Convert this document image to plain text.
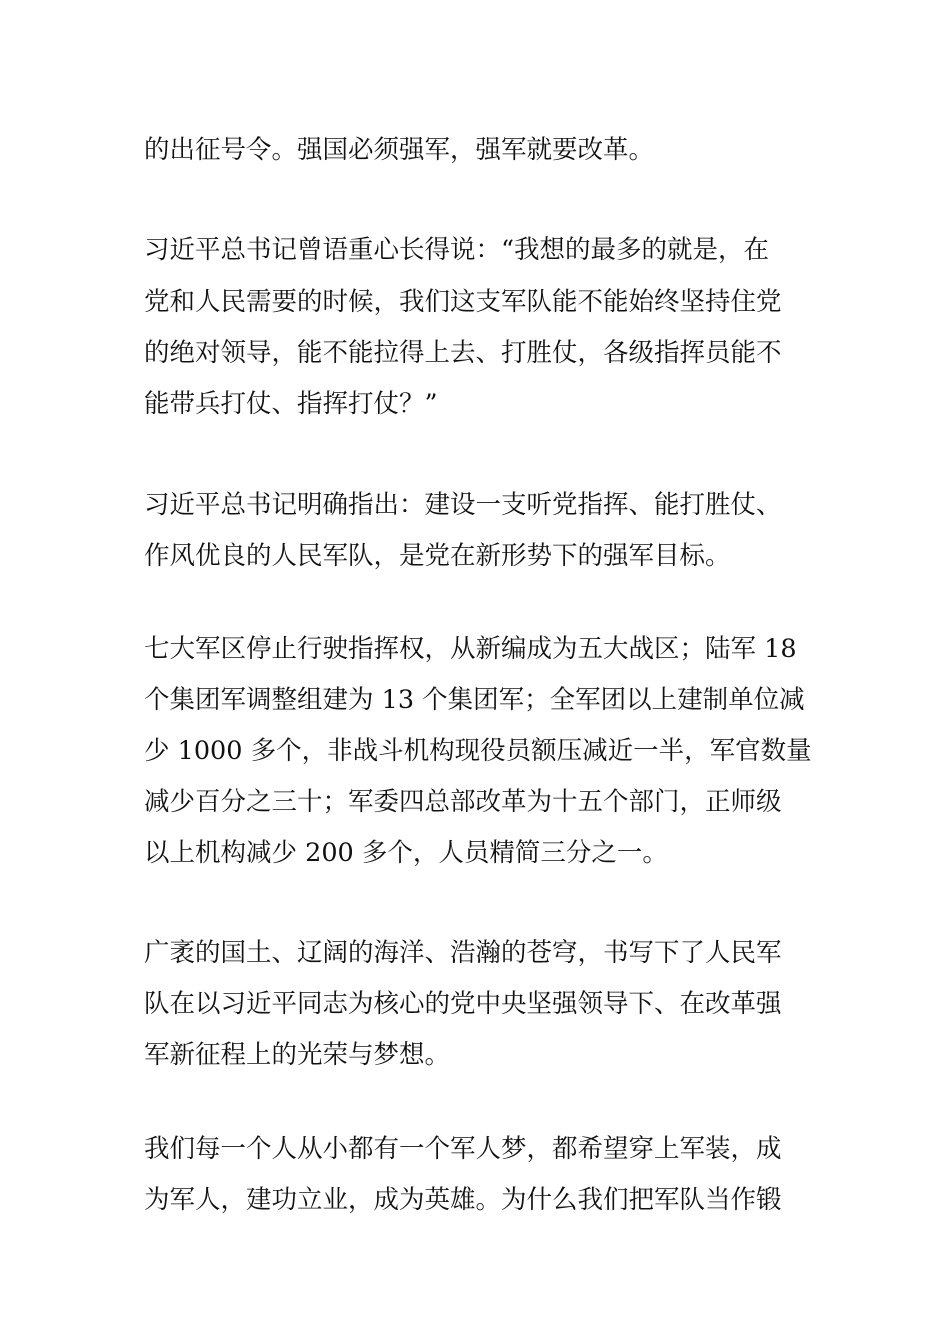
的出征号令。强国必须强军，强军就要改革。

习近平总书记曾语重心长得说：“我想的最多的就是，在

党和人民需要的时候，我们这支军队能不能始终坚持住党

的绝对领导，能不能拉得上去、打胜仗，各级指挥员能不

能带兵打仗、指挥打仗？”

习近平总书记明确指出：建设一支听党指挥、能打胜仗、

作风优良的人民军队，是党在新形势下的强军目标。

七大军区停止行驶指挥权，从新编成为五大战区；陆军 18

个集团军调整组建为 13 个集团军；全军团以上建制单位减

少 1000 多个，非战斗机构现役员额压减近一半，军官数量

减少百分之三十；军委四总部改革为十五个部门，正师级

以上机构减少 200 多个，人员精简三分之一。

广袤的国土、辽阔的海洋、浩瀚的苍穹，书写下了人民军

队在以习近平同志为核心的党中央坚强领导下、在改革强

军新征程上的光荣与梦想。

我们每一个人从小都有一个军人梦，都希望穿上军装，成

为军人，建功立业，成为英雄。为什么我们把军队当作锻
